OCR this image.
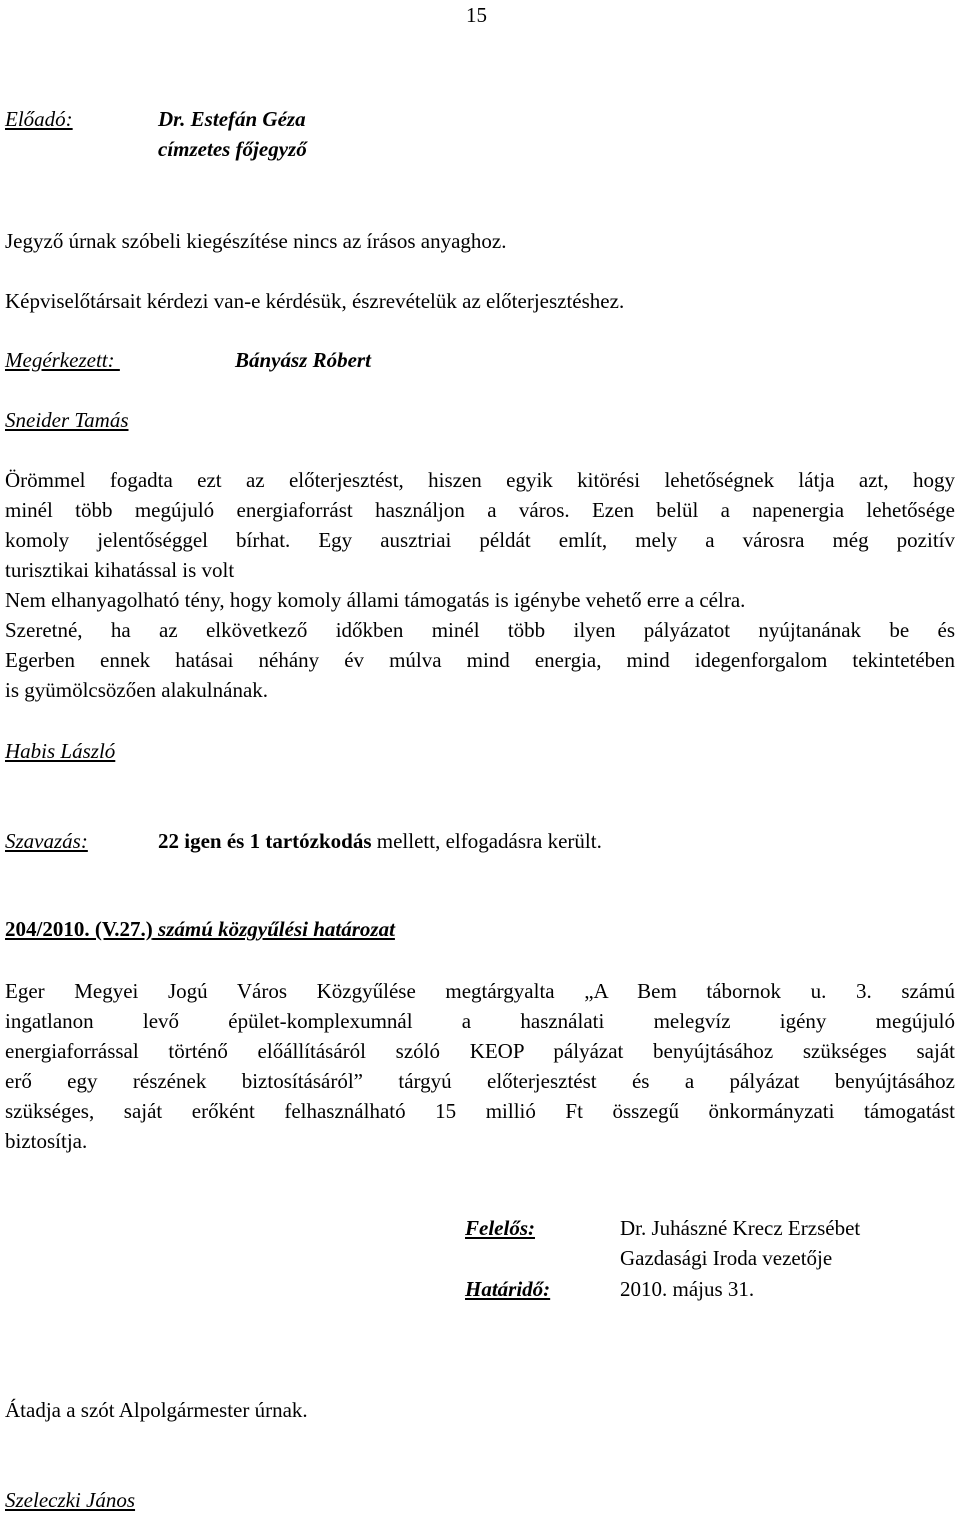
15
Előadó:	Dr. Estefán Géza
címzetes főjegyző
Jegyző úrnak szóbeli kiegészítése nincs az írásos anyaghoz.
Képviselőtársait kérdezi van-e kérdésük, észrevételük az előterjesztéshez.
Megérkezett:	Bányász Róbert
Sneider Tamás
Örömmel fogadta ezt az előterjesztést, hiszen egyik kitörési lehetőségnek látja azt, hogy
minél több megújuló energiaforrást használjon a város. Ezen belül a napenergia lehetősége
komoly jelentőséggel bírhat. Egy ausztriai példát említ, mely a városra még pozitív
turisztikai kihatással is volt
Nem elhanyagolható tény, hogy komoly állami támogatás is igénybe vehető erre a célra.
Szeretné, ha az elkövetkező időkben minél több ilyen pályázatot nyújtanának be és
Egerben ennek hatásai néhány év múlva mind energia, mind idegenforgalom tekintetében
is gyümölcsözően alakulnának.
Habis László
Szavazás:	22 igen és 1 tartózkodás mellett, elfogadásra került.
204/2010. (V.27.) számú közgyűlési határozat
Eger Megyei Jogú Város Közgyűlése megtárgyalta „A Bem tábornok u. 3. számú
ingatlanon levő épület-komplexumnál a használati melegvíz igény megújuló
energiaforrással történő előállításáról szóló KEOP pályázat benyújtásához szükséges saját
erő egy részének biztosításáról” tárgyú előterjesztést és a pályázat benyújtásához
szükséges, saját erőként felhasználható 15 millió Ft összegű önkormányzati támogatást
biztosítja.
Felelős:	Dr. Juhászné Krecz Erzsébet
Gazdasági Iroda vezetője
Határidő:	2010. május 31.
Átadja a szót Alpolgármester úrnak.
Szeleczki János
